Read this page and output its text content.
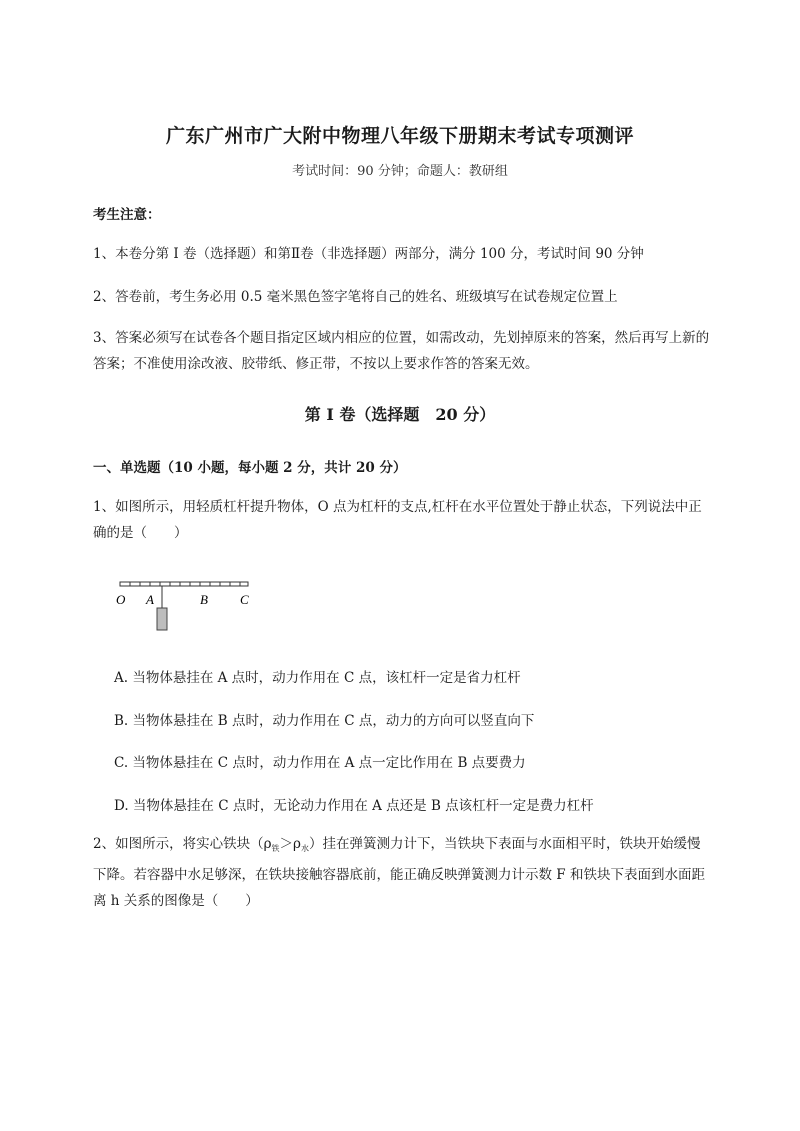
广东广州市广大附中物理八年级下册期末考试专项测评
考试时间：90 分钟；命题人：教研组
考生注意：
1、本卷分第 I 卷（选择题）和第Ⅱ卷（非选择题）两部分，满分 100 分，考试时间 90 分钟
2、答卷前，考生务必用 0.5 毫米黑色签字笔将自己的姓名、班级填写在试卷规定位置上
3、答案必须写在试卷各个题目指定区域内相应的位置，如需改动，先划掉原来的答案，然后再写上新的答案；不准使用涂改液、胶带纸、修正带，不按以上要求作答的答案无效。
第 I 卷（选择题　20 分）
一、单选题（10 小题，每小题 2 分，共计 20 分）
1、如图所示，用轻质杠杆提升物体，O 点为杠杆的支点,杠杆在水平位置处于静止状态，下列说法中正确的是（　　）
O A	B C
A. 当物体悬挂在 A 点时，动力作用在 C 点，该杠杆一定是省力杠杆
B. 当物体悬挂在 B 点时，动力作用在 C 点，动力的方向可以竖直向下
C. 当物体悬挂在 C 点时，动力作用在 A 点一定比作用在 B 点要费力
D. 当物体悬挂在 C 点时，无论动力作用在 A 点还是 B 点该杠杆一定是费力杠杆
2、如图所示，将实心铁块$(\rho_铁>\rho_水)$挂在弹簧测力计下，当铁块下表面与水面相平时，铁块开始缓慢下降。若容器中水足够深，在铁块接触容器底前，能正确反映弹簧测力计示数 F 和铁块下表面到水面距离 h 关系的图像是（　　）
